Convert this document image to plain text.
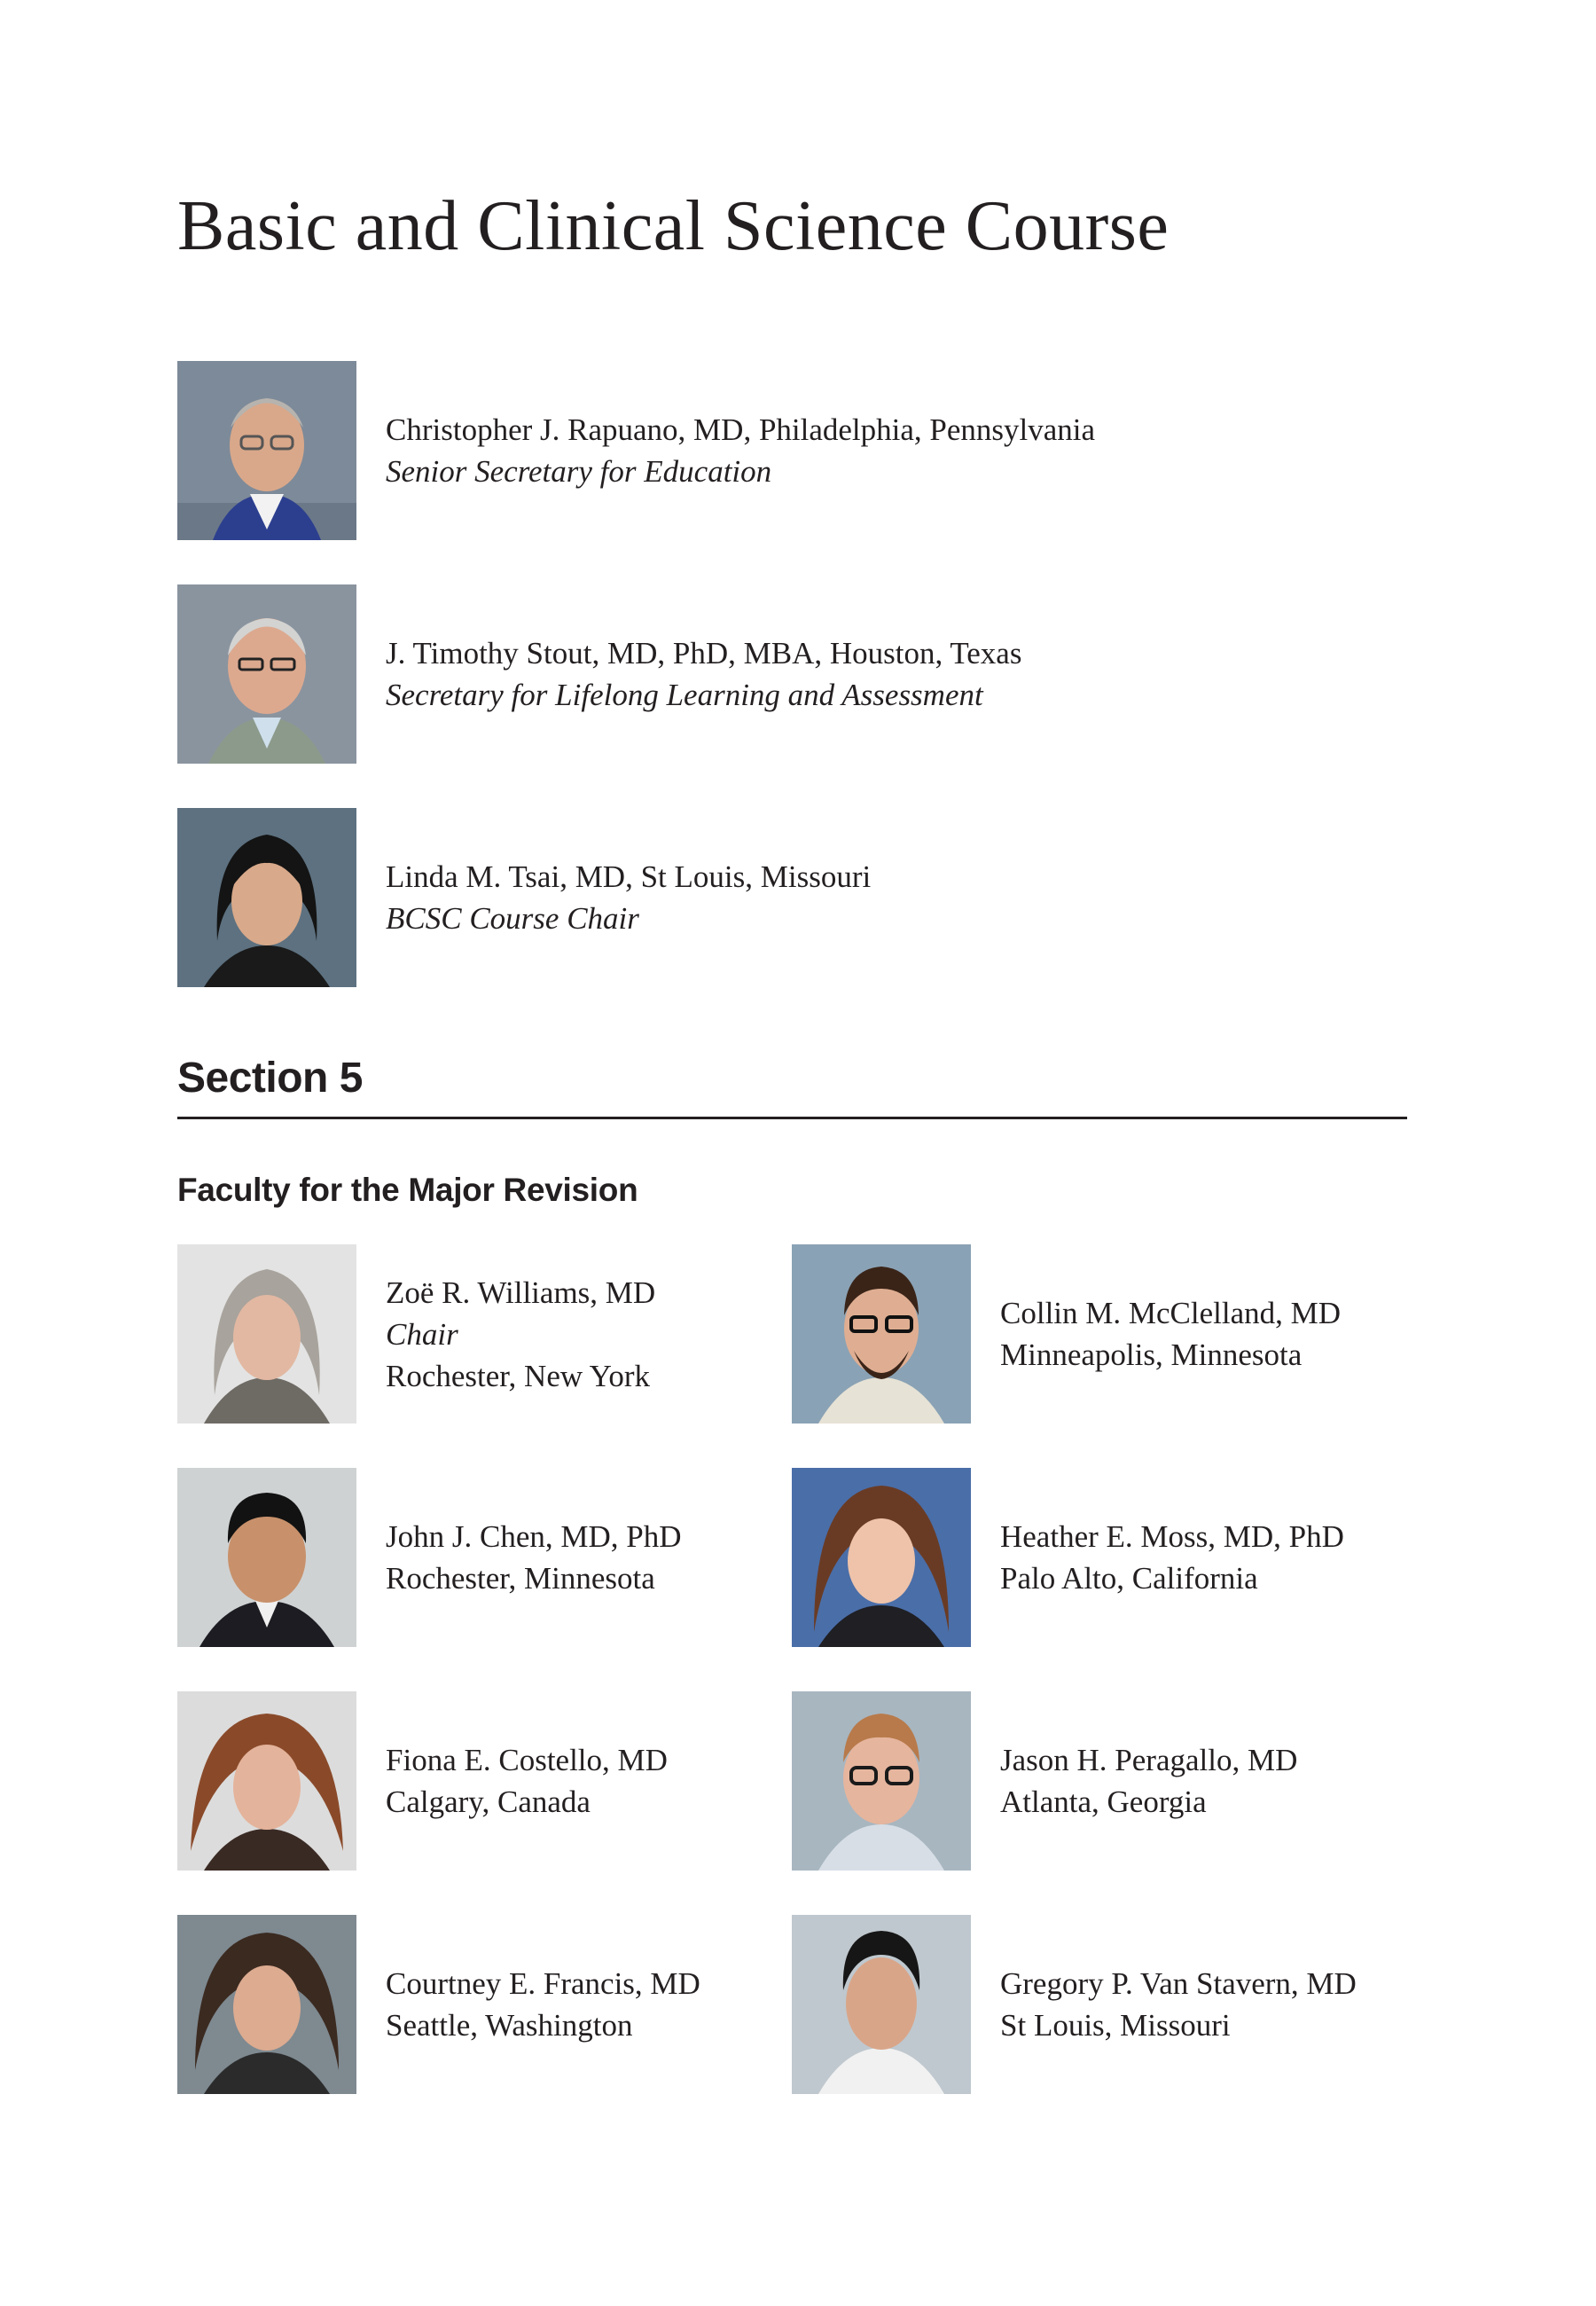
Basic and Clinical Science Course
Christopher J. Rapuano, MD, Philadelphia, Pennsylvania
Senior Secretary for Education
J. Timothy Stout, MD, PhD, MBA, Houston, Texas
Secretary for Lifelong Learning and Assessment
Linda M. Tsai, MD, St Louis, Missouri
BCSC Course Chair
Section 5
Faculty for the Major Revision
Zoë R. Williams, MD
Chair
Rochester, New York
John J. Chen, MD, PhD
Rochester, Minnesota
Fiona E. Costello, MD
Calgary, Canada
Courtney E. Francis, MD
Seattle, Washington
Collin M. McClelland, MD
Minneapolis, Minnesota
Heather E. Moss, MD, PhD
Palo Alto, California
Jason H. Peragallo, MD
Atlanta, Georgia
Gregory P. Van Stavern, MD
St Louis, Missouri
